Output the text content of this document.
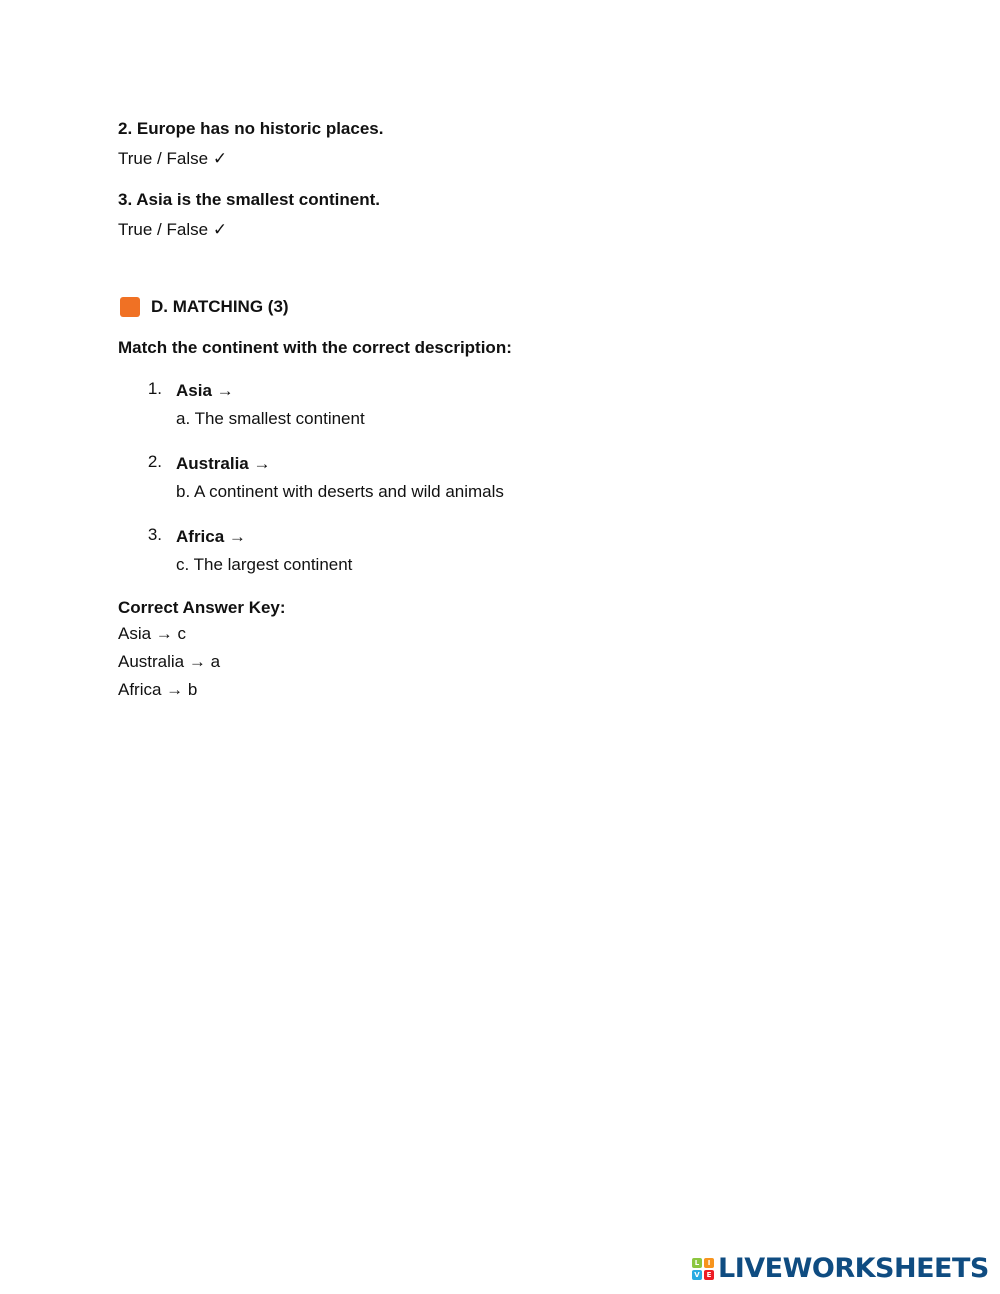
2. Europe has no historic places.

True / False ✓

3. Asia is the smallest continent.

True / False ✓

D. MATCHING (3)
Match the continent with the correct description:
1. Asia →
a. The smallest continent
2. Australia →
b. A continent with deserts and wild animals
3. Africa →
c. The largest continent
Correct Answer Key:
Asia → c
Australia → a
Africa → b
L	I
V E LIVEWORKSHEETS
